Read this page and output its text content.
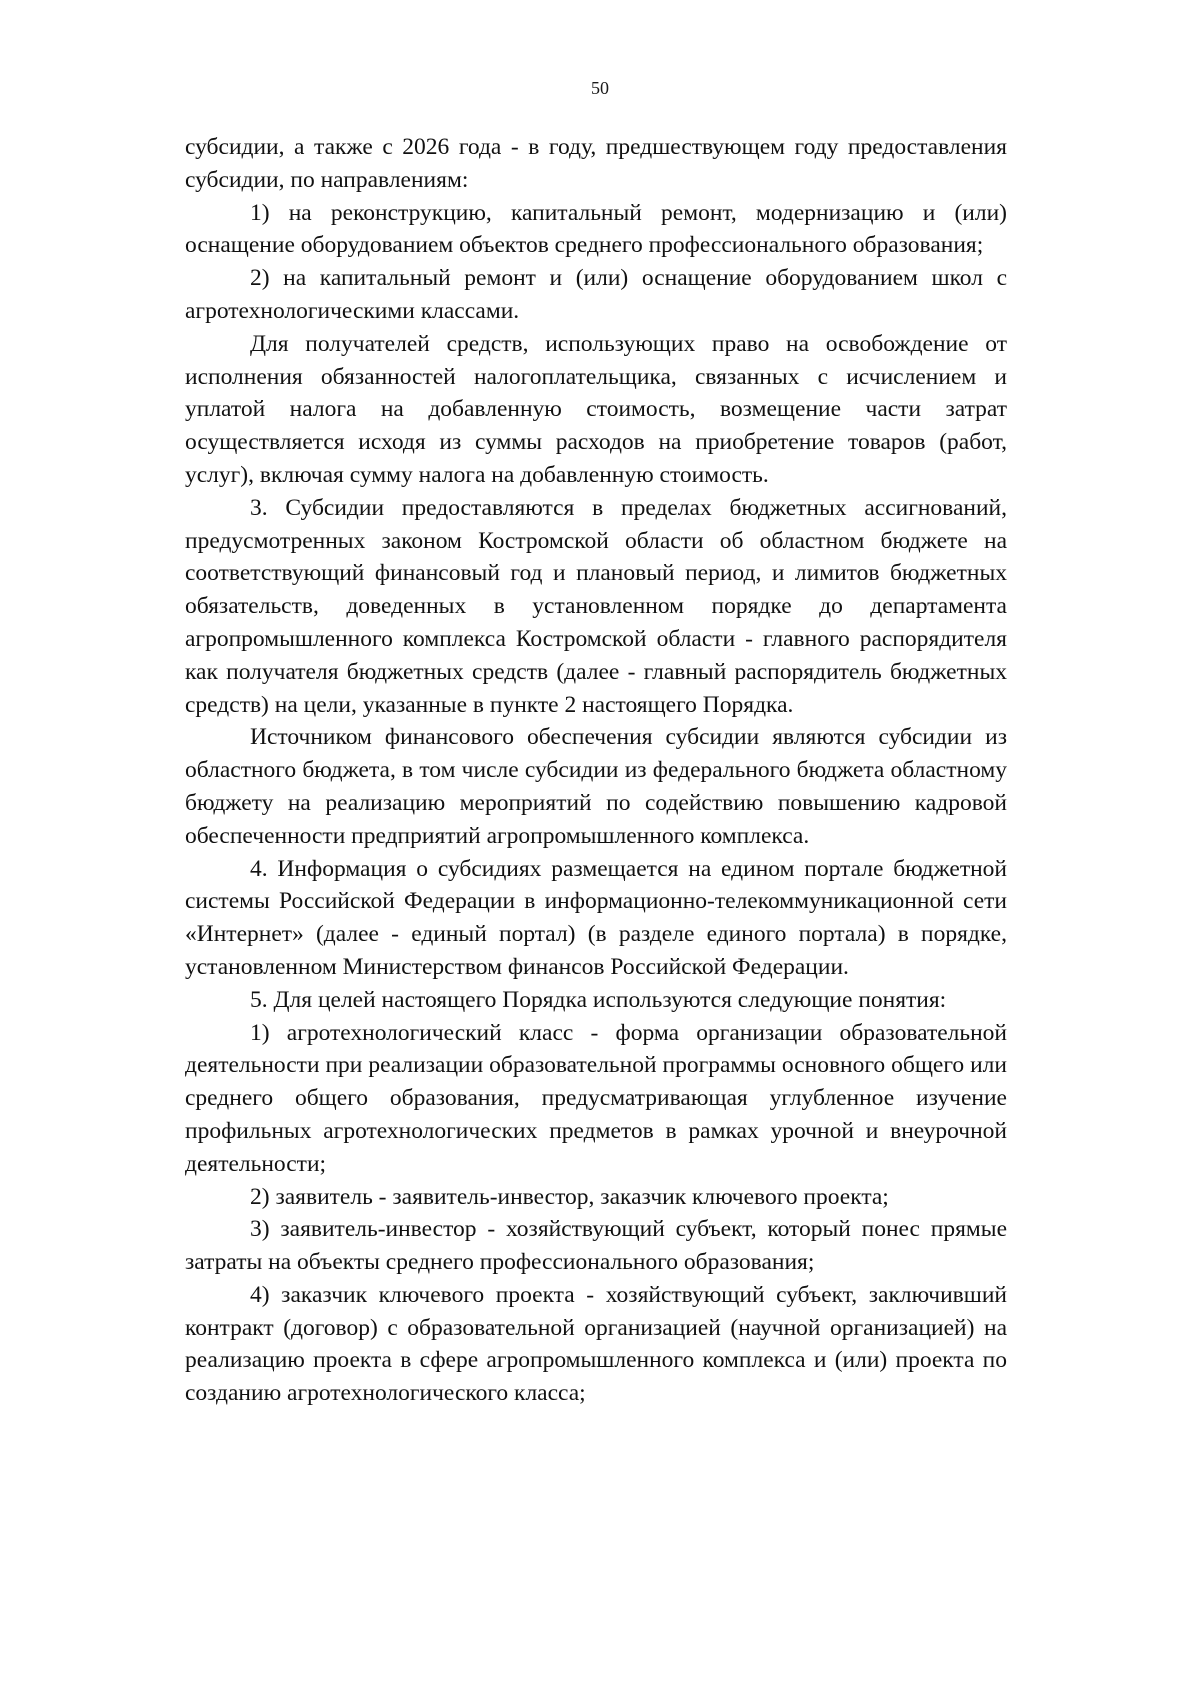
50

субсидии, а также с 2026 года - в году, предшествующем году предоставления субсидии, по направлениям:

1) на реконструкцию, капитальный ремонт, модернизацию и (или) оснащение оборудованием объектов среднего профессионального образования;

2) на капитальный ремонт и (или) оснащение оборудованием школ с агротехнологическими классами.

Для получателей средств, использующих право на освобождение от исполнения обязанностей налогоплательщика, связанных с исчислением и уплатой налога на добавленную стоимость, возмещение части затрат осуществляется исходя из суммы расходов на приобретение товаров (работ, услуг), включая сумму налога на добавленную стоимость.

3. Субсидии предоставляются в пределах бюджетных ассигнований, предусмотренных законом Костромской области об областном бюджете на соответствующий финансовый год и плановый период, и лимитов бюджетных обязательств, доведенных в установленном порядке до департамента агропромышленного комплекса Костромской области - главного распорядителя как получателя бюджетных средств (далее - главный распорядитель бюджетных средств) на цели, указанные в пункте 2 настоящего Порядка.

Источником финансового обеспечения субсидии являются субсидии из областного бюджета, в том числе субсидии из федерального бюджета областному бюджету на реализацию мероприятий по содействию повышению кадровой обеспеченности предприятий агропромышленного комплекса.

4. Информация о субсидиях размещается на едином портале бюджетной системы Российской Федерации в информационно-телекоммуникационной сети «Интернет» (далее - единый портал) (в разделе единого портала) в порядке, установленном Министерством финансов Российской Федерации.

5. Для целей настоящего Порядка используются следующие понятия:

1) агротехнологический класс - форма организации образовательной деятельности при реализации образовательной программы основного общего или среднего общего образования, предусматривающая углубленное изучение профильных агротехнологических предметов в рамках урочной и внеурочной деятельности;

2) заявитель - заявитель-инвестор, заказчик ключевого проекта;

3) заявитель-инвестор - хозяйствующий субъект, который понес прямые затраты на объекты среднего профессионального образования;

4) заказчик ключевого проекта - хозяйствующий субъект, заключивший контракт (договор) с образовательной организацией (научной организацией) на реализацию проекта в сфере агропромышленного комплекса и (или) проекта по созданию агротехнологического класса;
